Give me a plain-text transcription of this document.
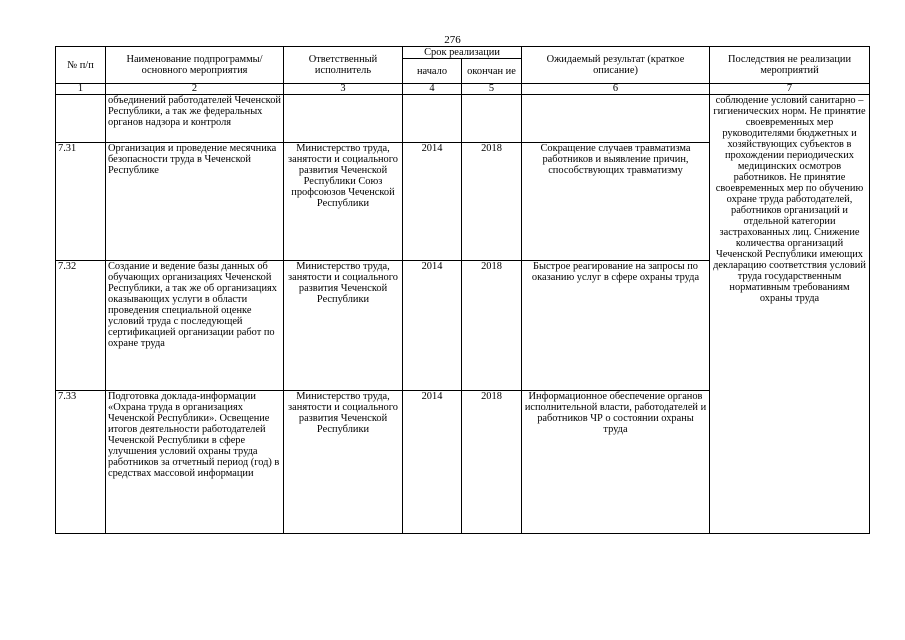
276
№ п/п	Наименование подпрограммы/ основного мероприятия	Ответственный исполнитель	Срок реализации		Ожидаемый результат (краткое описание)	Последствия не реализации мероприятий
			начало	окончан ие		
1	2	3	4	5	6	7
	объединений работодателей Чеченской Республики, а так же федеральных органов надзора и контроля					соблюдение условий санитарно – гигиенических норм. Не принятие своевременных мер руководителями бюджетных и хозяйствующих субъектов в прохождении периодических медицинских осмотров работников. Не принятие своевременных мер по обучению охране труда работодателей, работников организаций и отдельной категории застрахованных лиц. Снижение количества организаций Чеченской Республики имеющих декларацию соответствия условий труда государственным нормативным требованиям охраны труда
7.31	Организация и проведение месячника безопасности труда в Чеченской Республике	Министерство труда, занятости и социального развития Чеченской Республики Союз профсоюзов Чеченской Республики	2014	2018	Сокращение случаев травматизма работников и выявление причин, способствующих травматизму	
7.32	Создание и ведение базы данных об обучающих организациях Чеченской Республики, а так же об организациях оказывающих услуги в области проведения специальной оценке условий труда с последующей сертификацией организации работ по охране труда	Министерство труда, занятости и социального развития Чеченской Республики	2014	2018	Быстрое реагирование на запросы по оказанию услуг в сфере охраны труда	
7.33	Подготовка доклада-информации «Охрана труда в организациях Чеченской Республики». Освещение итогов деятельности работодателей Чеченской Республики в сфере улучшения условий охраны труда работников за отчетный период (год) в средствах массовой информации	Министерство труда, занятости и социального развития Чеченской Республики	2014	2018	Информационное обеспечение органов исполнительной власти, работодателей и работников ЧР о состоянии охраны труда	
